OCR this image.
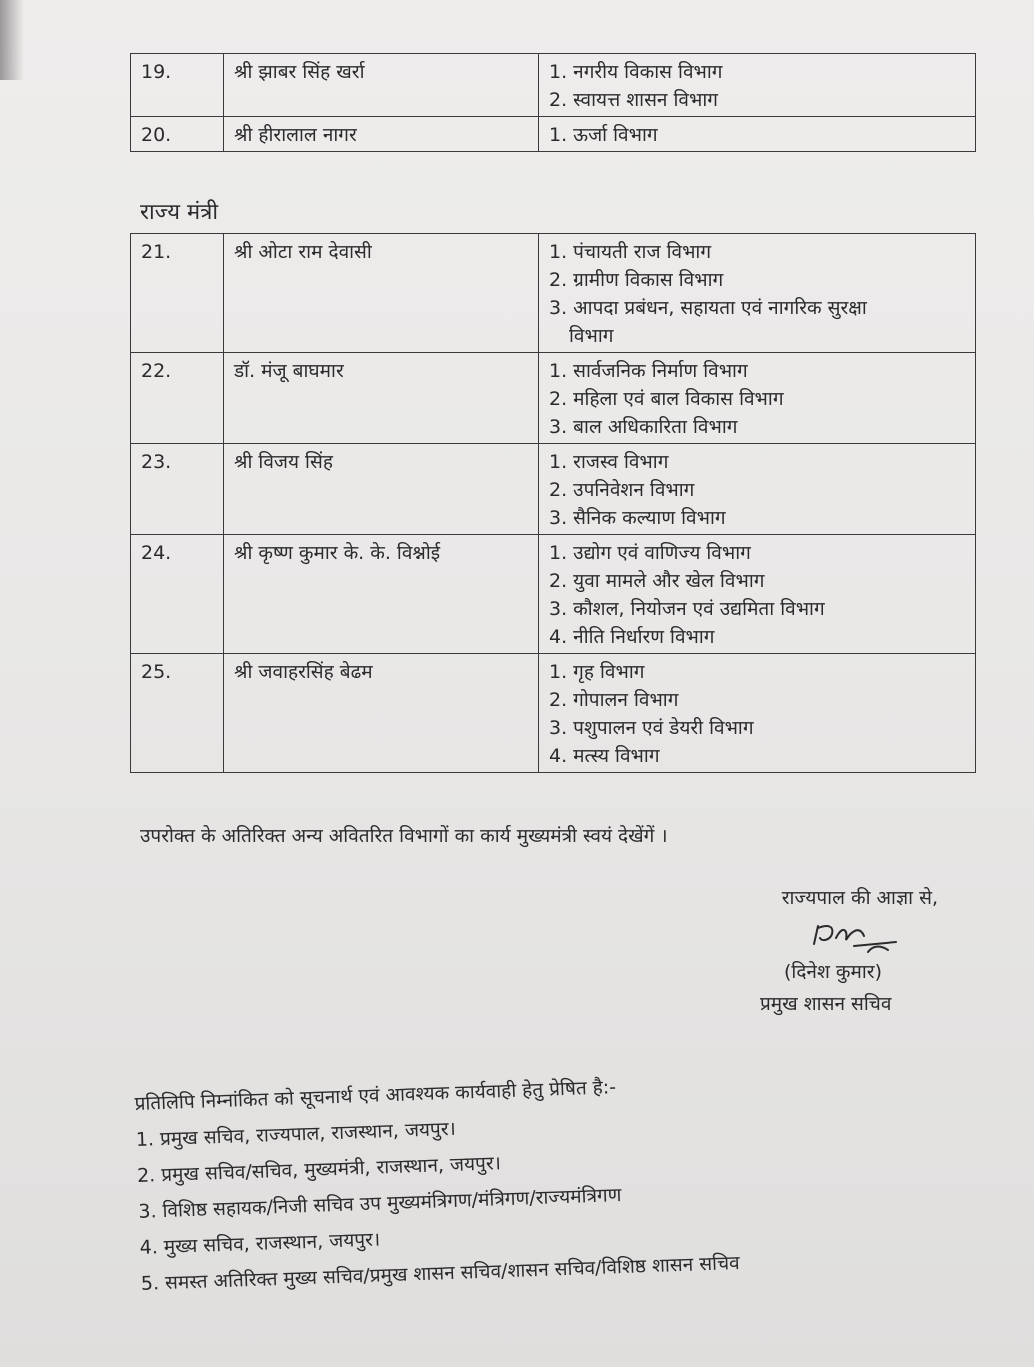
19.	श्री झाबर सिंह खर्रा	1. नगरीय विकास विभाग
2. स्वायत्त शासन विभाग

20.	श्री हीरालाल नागर	1. ऊर्जा विभाग
राज्य मंत्री
21.	श्री ओटा राम देवासी	1. पंचायती राज विभाग
2. ग्रामीण विकास विभाग
3. आपदा प्रबंधन, सहायता एवं नागरिक सुरक्षा
विभाग

22.	डॉ. मंजू बाघमार	1. सार्वजनिक निर्माण विभाग
2. महिला एवं बाल विकास विभाग
3. बाल अधिकारिता विभाग

23.	श्री विजय सिंह	1. राजस्व विभाग
2. उपनिवेशन विभाग
3. सैनिक कल्याण विभाग

24.	श्री कृष्ण कुमार के. के. विश्नोई	1. उद्योग एवं वाणिज्य विभाग
2. युवा मामले और खेल विभाग
3. कौशल, नियोजन एवं उद्यमिता विभाग
4. नीति निर्धारण विभाग

25.	श्री जवाहरसिंह बेढम	1. गृह विभाग
2. गोपालन विभाग
3. पशुपालन एवं डेयरी विभाग
4. मत्स्य विभाग
उपरोक्त के अतिरिक्त अन्य अवितरित विभागों का कार्य मुख्यमंत्री स्वयं देखेंगें ।
राज्यपाल की आज्ञा से,
(दिनेश कुमार)
प्रमुख शासन सचिव
प्रतिलिपि निम्नांकित को सूचनार्थ एवं आवश्यक कार्यवाही हेतु प्रेषित है:-
1. प्रमुख सचिव, राज्यपाल, राजस्थान, जयपुर।
2. प्रमुख सचिव/सचिव, मुख्यमंत्री, राजस्थान, जयपुर।
3. विशिष्ठ सहायक/निजी सचिव उप मुख्यमंत्रिगण/मंत्रिगण/राज्यमंत्रिगण
4. मुख्य सचिव, राजस्थान, जयपुर।
5. समस्त अतिरिक्त मुख्य सचिव/प्रमुख शासन सचिव/शासन सचिव/विशिष्ठ शासन सचिव
